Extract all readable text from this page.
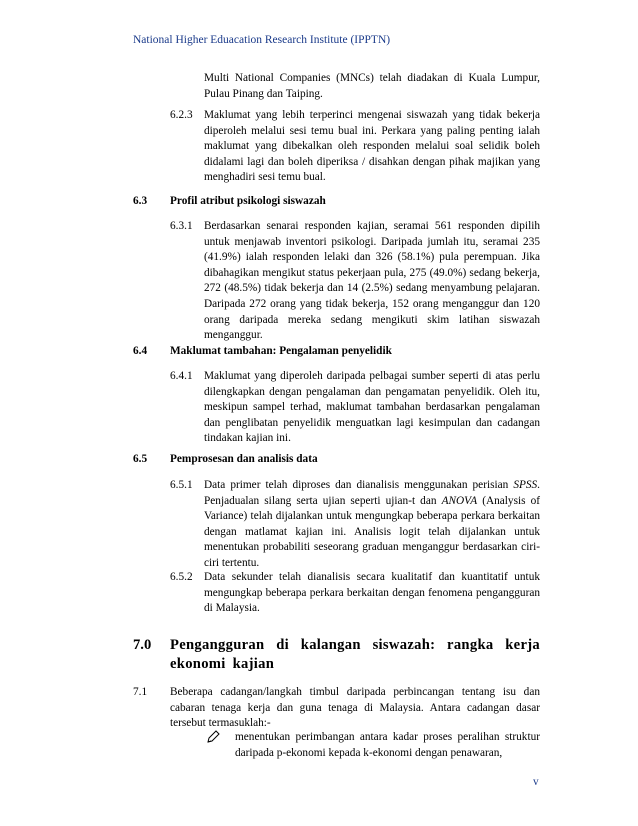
National Higher Eduacation Research Institute (IPPTN)
Multi National Companies (MNCs) telah diadakan di Kuala Lumpur, Pulau Pinang dan Taiping.
6.2.3 Maklumat yang lebih terperinci mengenai siswazah yang tidak bekerja diperoleh melalui sesi temu bual ini. Perkara yang paling penting ialah maklumat yang dibekalkan oleh responden melalui soal selidik boleh didalami lagi dan boleh diperiksa / disahkan dengan pihak majikan yang menghadiri sesi temu bual.
6.3 Profil atribut psikologi siswazah
6.3.1 Berdasarkan senarai responden kajian, seramai 561 responden dipilih untuk menjawab inventori psikologi. Daripada jumlah itu, seramai 235 (41.9%) ialah responden lelaki dan 326 (58.1%) pula perempuan. Jika dibahagikan mengikut status pekerjaan pula, 275 (49.0%) sedang bekerja, 272 (48.5%) tidak bekerja dan 14 (2.5%) sedang menyambung pelajaran. Daripada 272 orang yang tidak bekerja, 152 orang menganggur dan 120 orang daripada mereka sedang mengikuti skim latihan siswazah menganggur.
6.4 Maklumat tambahan: Pengalaman penyelidik
6.4.1 Maklumat yang diperoleh daripada pelbagai sumber seperti di atas perlu dilengkapkan dengan pengalaman dan pengamatan penyelidik. Oleh itu, meskipun sampel terhad, maklumat tambahan berdasarkan pengalaman dan penglibatan penyelidik menguatkan lagi kesimpulan dan cadangan tindakan kajian ini.
6.5 Pemprosesan dan analisis data
6.5.1 Data primer telah diproses dan dianalisis menggunakan perisian SPSS. Penjadualan silang serta ujian seperti ujian-t dan ANOVA (Analysis of Variance) telah dijalankan untuk mengungkap beberapa perkara berkaitan dengan matlamat kajian ini. Analisis logit telah dijalankan untuk menentukan probabiliti seseorang graduan menganggur berdasarkan ciri-ciri tertentu.
6.5.2 Data sekunder telah dianalisis secara kualitatif dan kuantitatif untuk mengungkap beberapa perkara berkaitan dengan fenomena pengangguran di Malaysia.
7.0 Pengangguran di kalangan siswazah: rangka kerja ekonomi kajian
7.1 Beberapa cadangan/langkah timbul daripada perbincangan tentang isu dan cabaran tenaga kerja dan guna tenaga di Malaysia. Antara cadangan dasar tersebut termasuklah:-
menentukan perimbangan antara kadar proses peralihan struktur daripada p-ekonomi kepada k-ekonomi dengan penawaran,
v
